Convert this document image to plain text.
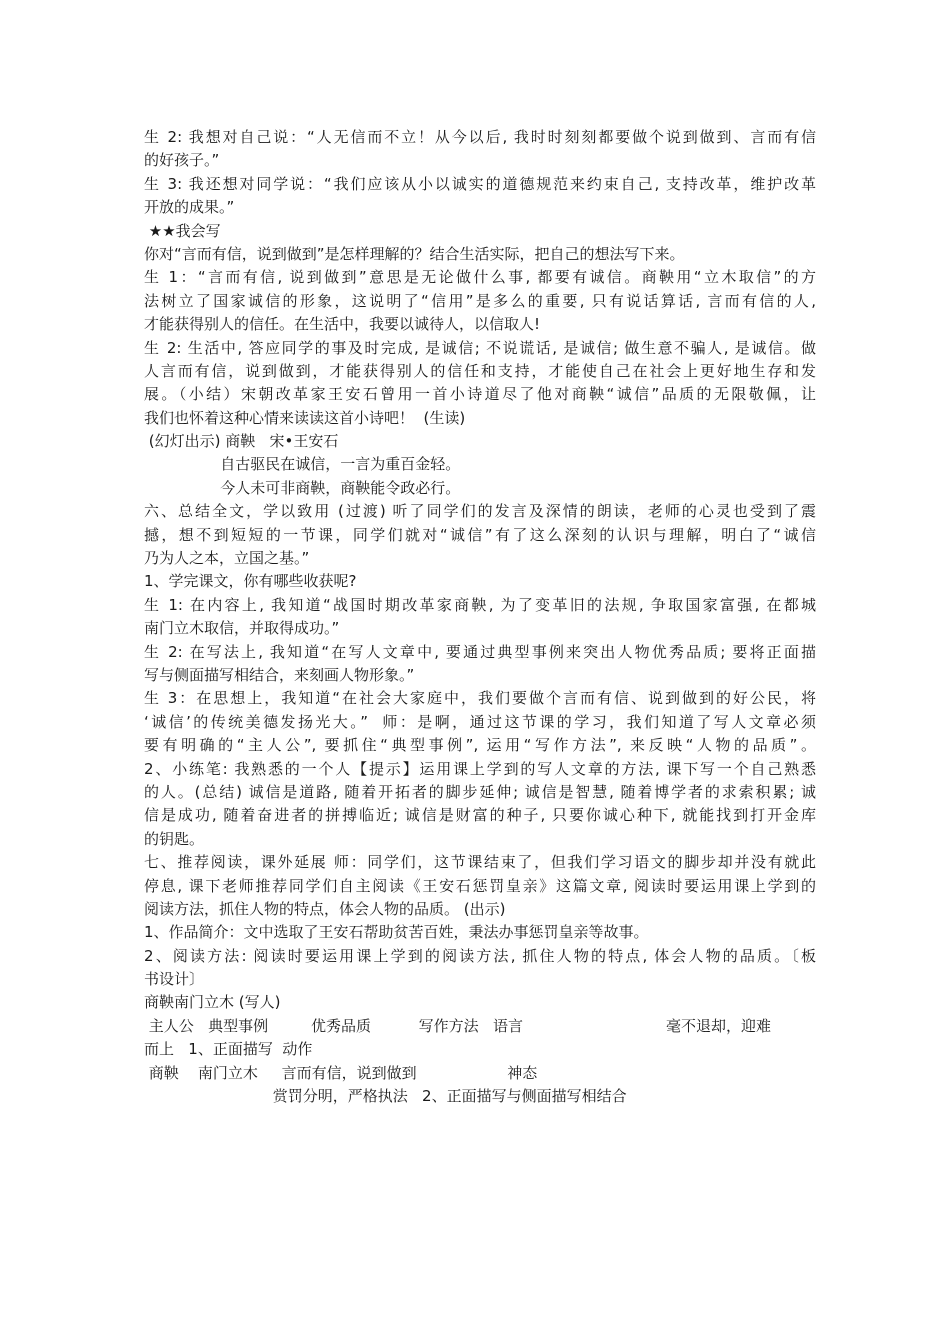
生 2: 我想对自己说：“人无信而不立！从今以后, 我时时刻刻都要做个说到做到、言而有信
的好孩子。”
生 3: 我还想对同学说：“我们应该从小以诚实的道德规范来约束自己, 支持改革，维护改革
开放的成果。”
★★我会写
你对“言而有信，说到做到”是怎样理解的？结合生活实际，把自己的想法写下来。
生 1：“言而有信, 说到做到”意思是无论做什么事, 都要有诚信。商鞅用“立木取信”的方
法树立了国家诚信的形象，这说明了“信用”是多么的重要, 只有说话算话, 言而有信的人,
才能获得别人的信任。在生活中，我要以诚待人，以信取人!
生 2: 生活中, 答应同学的事及时完成, 是诚信; 不说谎话, 是诚信; 做生意不骗人, 是诚信。做
人言而有信，说到做到，才能获得别人的信任和支持，才能使自己在社会上更好地生存和发
展。（小结）宋朝改革家王安石曾用一首小诗道尽了他对商鞅“诚信”品质的无限敬佩，让
我们也怀着这种心情来读读这首小诗吧！  (生读)
(幻灯出示) 商鞅   宋•王安石
自古驱民在诚信，一言为重百金轻。
今人未可非商鞅，商鞅能令政必行。
六、总结全文，学以致用 (过渡) 听了同学们的发言及深情的朗读，老师的心灵也受到了震
撼，想不到短短的一节课，同学们就对“诚信”有了这么深刻的认识与理解，明白了“诚信
乃为人之本，立国之基。”
1、学完课文，你有哪些收获呢?
生 1: 在内容上, 我知道“战国时期改革家商鞅, 为了变革旧的法规, 争取国家富强, 在都城
南门立木取信，并取得成功。”
生 2: 在写法上, 我知道“在写人文章中, 要通过典型事例来突出人物优秀品质; 要将正面描
写与侧面描写相结合，来刻画人物形象。”
生 3：在思想上，我知道“在社会大家庭中，我们要做个言而有信、说到做到的好公民，将
‘诚信’的传统美德发扬光大。”  师：是啊，通过这节课的学习，我们知道了写人文章必须
要有明确的“主人公”, 要抓住“典型事例”, 运用“写作方法”, 来反映“人物的品质”。
2、小练笔: 我熟悉的一个人【提示】运用课上学到的写人文章的方法, 课下写一个自己熟悉
的人。(总结) 诚信是道路, 随着开拓者的脚步延伸; 诚信是智慧, 随着博学者的求索积累; 诚
信是成功, 随着奋进者的拼搏临近; 诚信是财富的种子, 只要你诚心种下, 就能找到打开金库
的钥匙。
七、推荐阅读，课外延展 师：同学们，这节课结束了，但我们学习语文的脚步却并没有就此
停息, 课下老师推荐同学们自主阅读《王安石惩罚皇亲》这篇文章, 阅读时要运用课上学到的
阅读方法，抓住人物的特点，体会人物的品质。 (出示)
1、作品简介：文中选取了王安石帮助贫苦百姓，秉法办事惩罚皇亲等故事。
2、阅读方法: 阅读时要运用课上学到的阅读方法, 抓住人物的特点, 体会人物的品质。〔板
书设计〕
商鞅南门立木 (写人)
主人公   典型事例         优秀品质          写作方法   语言                              毫不退却，迎难
而上   1、正面描写  动作
商鞅    南门立木     言而有信，说到做到                   神态
赏罚分明，严格执法   2、正面描写与侧面描写相结合
